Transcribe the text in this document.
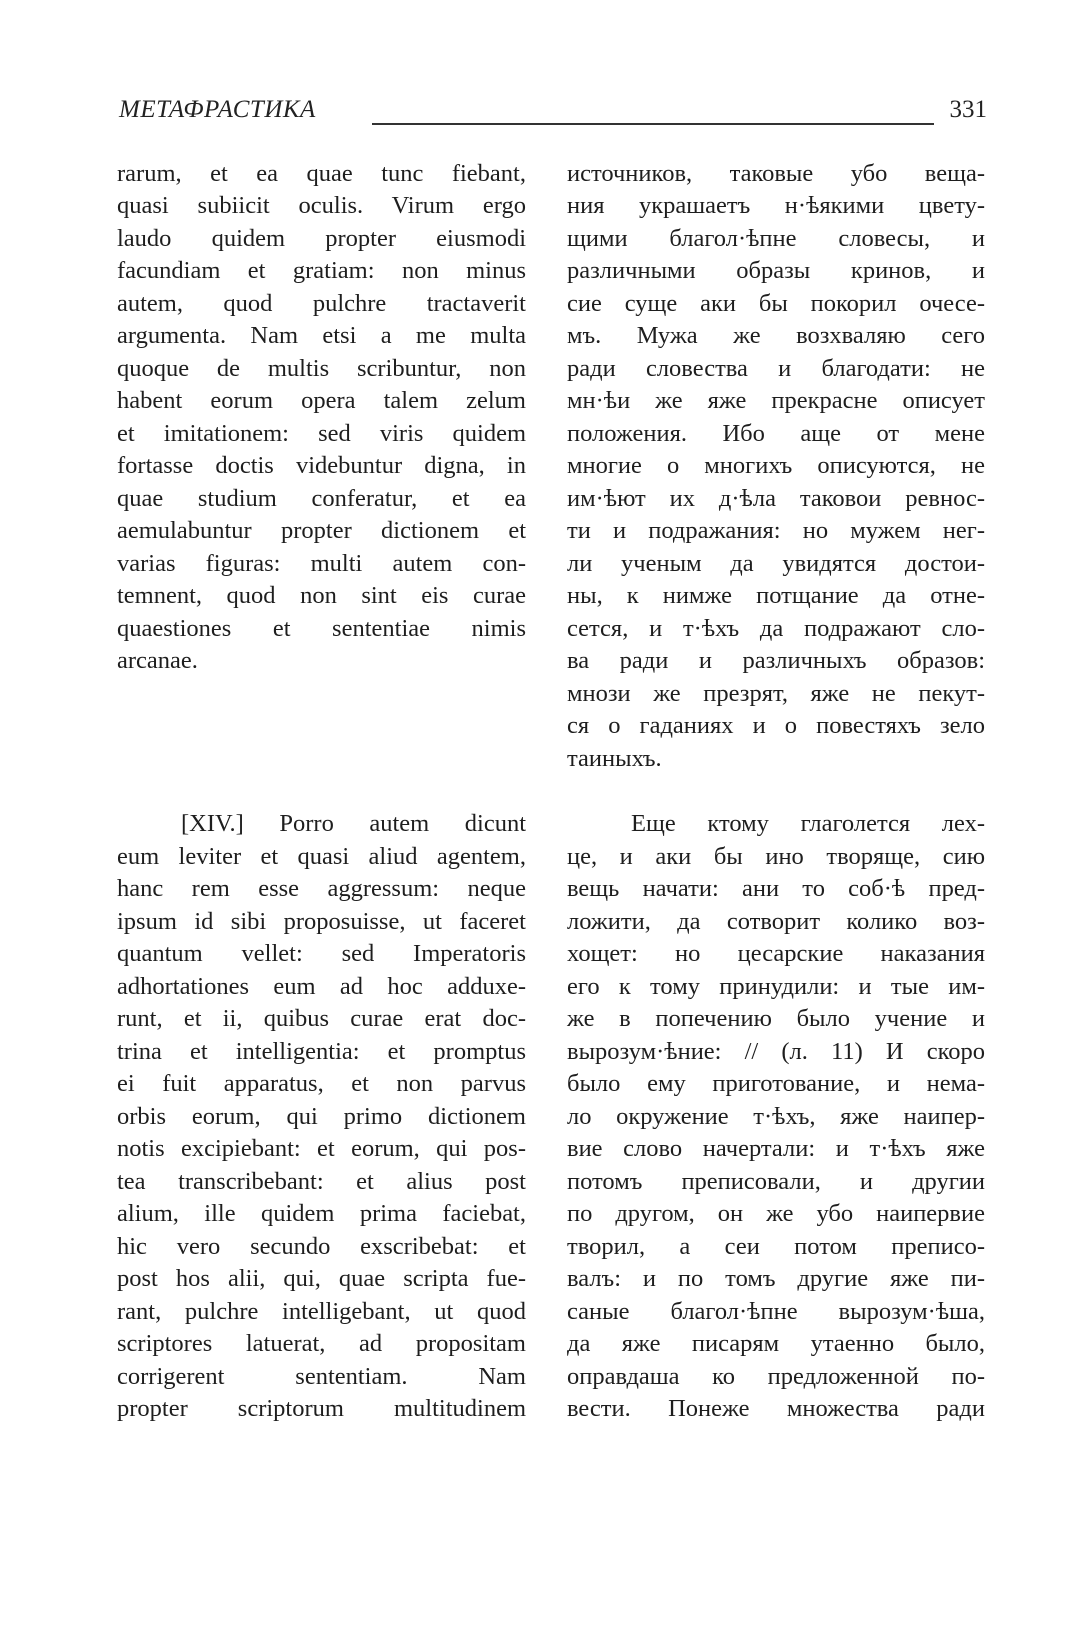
МЕТАФРАСТИКА	331
rarum, et ea quae tunc fiebant,
quasi subiicit oculis. Virum ergo
laudo quidem propter eiusmodi
facundiam et gratiam: non minus
autem, quod pulchre tractaverit
argumenta. Nam etsi a me multa
quoque de multis scribuntur, non
habent eorum opera talem zelum
et imitationem: sed viris quidem
fortasse doctis videbuntur digna, in
quae studium conferatur, et ea
aemulabuntur propter dictionem et
varias figuras: multi autem con-
temnent, quod non sint eis curae
quaestiones et sententiae nimis
arcanae.
[XIV.] Porro autem dicunt
eum leviter et quasi aliud agentem,
hanc rem esse aggressum: neque
ipsum id sibi proposuisse, ut faceret
quantum vellet: sed Imperatoris
adhortationes eum ad hoc adduxe-
runt, et ii, quibus curae erat doc-
trina et intelligentia: et promptus
ei fuit apparatus, et non parvus
orbis eorum, qui primo dictionem
notis excipiebant: et eorum, qui pos-
tea transcribebant: et alius post
alium, ille quidem prima faciebat,
hic vero secundo exscribebat: et
post hos alii, qui, quae scripta fue-
rant, pulchre intelligebant, ut quod
scriptores latuerat, ad propositam
corrigerent sententiam. Nam
propter scriptorum multitudinem
источников, таковые убо веща-
ния украшаетъ н·ѣякими цвету-
щими благол·ѣпне словесы, и
различными образы кринов, и
сие суще аки бы покорил очесе-
мъ. Мужа же возхваляю сего
ради словества и благодати: не
мн·ѣи же яже прекрасне описует
положения. Ибо аще от мене
многие о многихъ описуются, не
им·ѣют их д·ѣла таковои ревнос-
ти и подражания: но мужем нег-
ли ученым да увидятся достои-
ны, к нимже потщание да отне-
сется, и т·ѣхъ да подражают сло-
ва ради и различныхъ образов:
мнози же презрят, яже не пекут-
ся о гаданиях и о повестяхъ зело
таиныхъ.
Еще ктому глаголется лех-
це, и аки бы ино творяще, сию
вещь начати: ани то соб·ѣ пред-
ложити, да сотворит колико воз-
хощет: но цесарские наказания
его к тому принудили: и тые им-
же в попечению было учение и
вырозум·ѣние: // (л. 11) И скоро
было ему приготование, и нема-
ло окружение т·ѣхъ, яже наипер-
вие слово начертали: и т·ѣхъ яже
потомъ преписовали, и другии
по другом, он же убо наипервие
творил, а сеи потом преписо-
валъ: и по томъ другие яже пи-
саные благол·ѣпне вырозум·ѣша,
да яже писарям утаенно было,
оправдаша ко предложенной по-
вести. Понеже множества ради
